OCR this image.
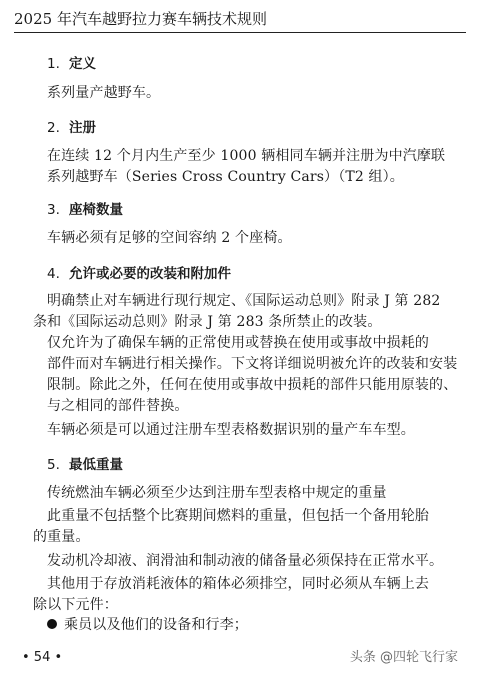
2025 年汽车越野拉力赛车辆技术规则
1. 定义
系列量产越野车。
2. 注册
在连续 12 个月内生产至少 1000 辆相同车辆并注册为中汽摩联
系列越野车（Series Cross Country Cars）（T2 组）。
3. 座椅数量
车辆必须有足够的空间容纳 2 个座椅。
4. 允许或必要的改装和附加件
明确禁止对车辆进行现行规定、《国际运动总则》附录 J 第 282
条和《国际运动总则》附录 J 第 283 条所禁止的改装。
仅允许为了确保车辆的正常使用或替换在使用或事故中损耗的
部件而对车辆进行相关操作。下文将详细说明被允许的改装和安装
限制。除此之外，任何在使用或事故中损耗的部件只能用原装的、
与之相同的部件替换。
车辆必须是可以通过注册车型表格数据识别的量产车车型。
5. 最低重量
传统燃油车辆必须至少达到注册车型表格中规定的重量
此重量不包括整个比赛期间燃料的重量，但包括一个备用轮胎
的重量。
发动机冷却液、润滑油和制动液的储备量必须保持在正常水平。
其他用于存放消耗液体的箱体必须排空，同时必须从车辆上去
除以下元件：
乘员以及他们的设备和行李；
• 54 •	头条 @四轮飞行家
